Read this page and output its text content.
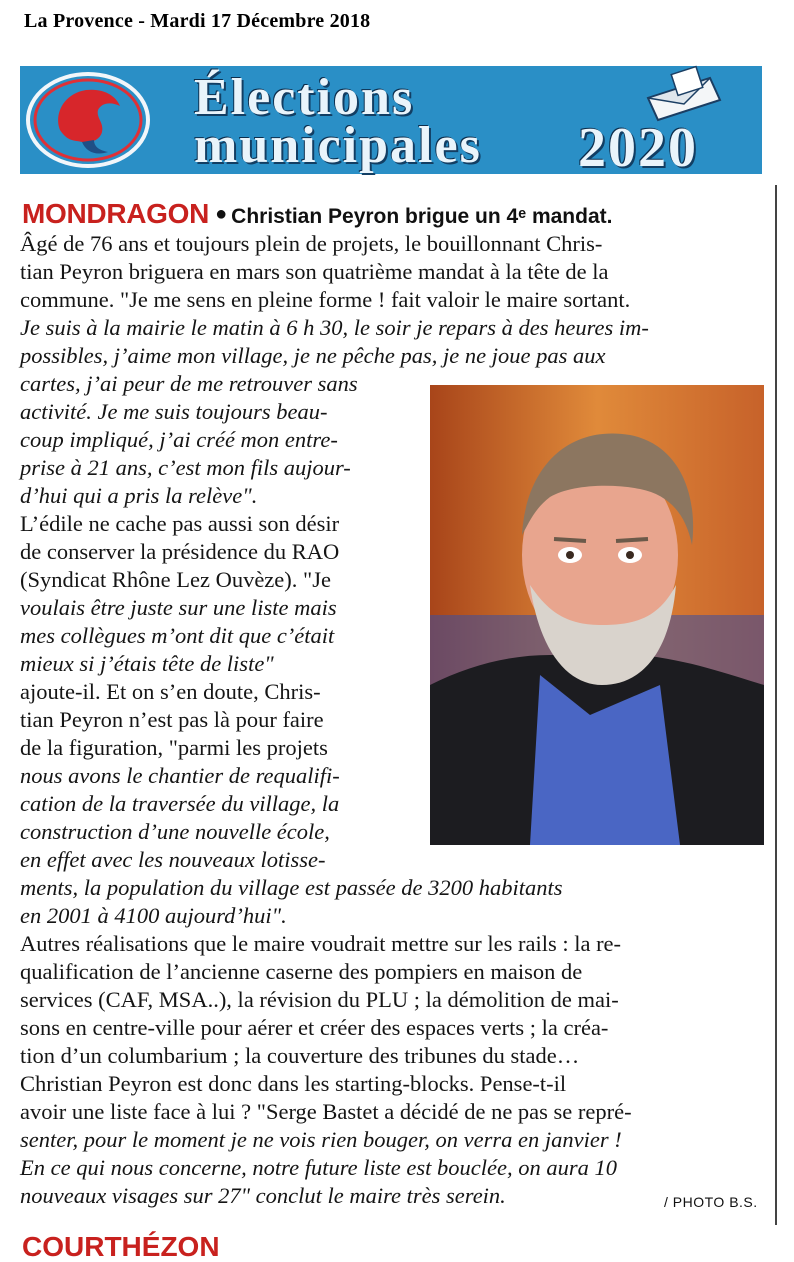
La Provence - Mardi 17 Décembre 2018
Élections
municipales 2020
MONDRAGON ● Christian Peyron brigue un 4ᵉ mandat.
Âgé de 76 ans et toujours plein de projets, le bouillonnant Chris-
tian Peyron briguera en mars son quatrième mandat à la tête de la
commune. "Je me sens en pleine forme ! fait valoir le maire sortant.
Je suis à la mairie le matin à 6 h 30, le soir je repars à des heures im-
possibles, j’aime mon village, je ne pêche pas, je ne joue pas aux
cartes, j’ai peur de me retrouver sans
activité. Je me suis toujours beau-
coup impliqué, j’ai créé mon entre-
prise à 21 ans, c’est mon fils aujour-
d’hui qui a pris la relève".
L’édile ne cache pas aussi son désir
de conserver la présidence du RAO
(Syndicat Rhône Lez Ouvèze). "Je
voulais être juste sur une liste mais
mes collègues m’ont dit que c’était
mieux si j’étais tête de liste"
ajoute-il. Et on s’en doute, Chris-
tian Peyron n’est pas là pour faire
de la figuration, "parmi les projets
nous avons le chantier de requalifi-
cation de la traversée du village, la
construction d’une nouvelle école,
en effet avec les nouveaux lotisse-
ments, la population du village est passée de 3200 habitants
en 2001 à 4100 aujourd’hui".
Autres réalisations que le maire voudrait mettre sur les rails : la re-
qualification de l’ancienne caserne des pompiers en maison de
services (CAF, MSA..), la révision du PLU ; la démolition de mai-
sons en centre-ville pour aérer et créer des espaces verts ; la créa-
tion d’un columbarium ; la couverture des tribunes du stade…
Christian Peyron est donc dans les starting-blocks. Pense-t-il
avoir une liste face à lui ? "Serge Bastet a décidé de ne pas se repré-
senter, pour le moment je ne vois rien bouger, on verra en janvier !
En ce qui nous concerne, notre future liste est bouclée, on aura 10
nouveaux visages sur 27" conclut le maire très serein.	/ PHOTO B.S.
COURTHÉZON
